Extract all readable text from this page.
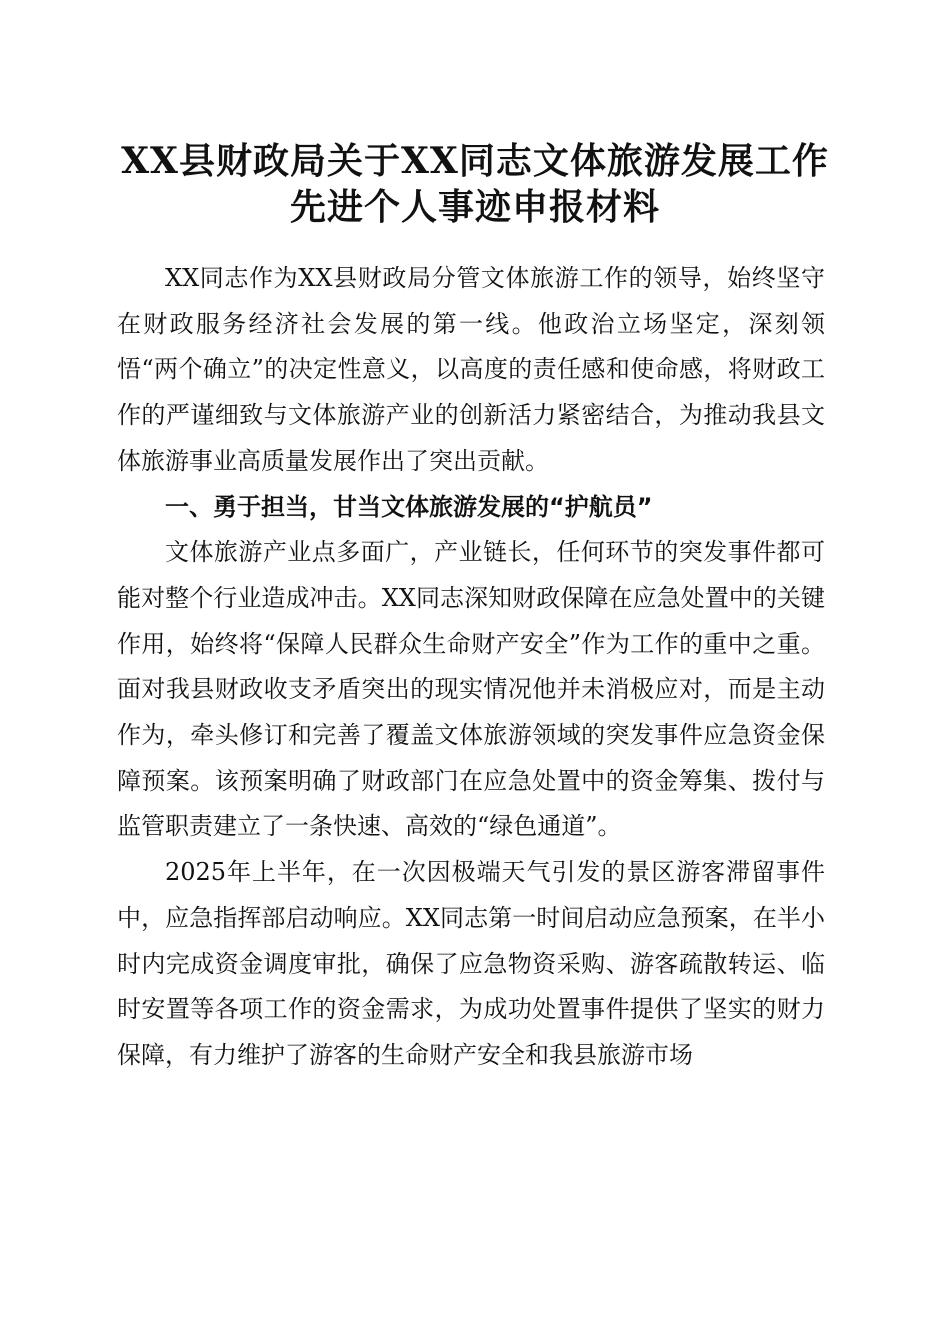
XX县财政局关于XX同志文体旅游发展工作
先进个人事迹申报材料

XX同志作为XX县财政局分管文体旅游工作的领导，始终坚守在财政服务经济社会发展的第一线。他政治立场坚定，深刻领悟“两个确立”的决定性意义，以高度的责任感和使命感，将财政工作的严谨细致与文体旅游产业的创新活力紧密结合，为推动我县文体旅游事业高质量发展作出了突出贡献。

一、勇于担当，甘当文体旅游发展的“护航员”

文体旅游产业点多面广，产业链长，任何环节的突发事件都可能对整个行业造成冲击。XX同志深知财政保障在应急处置中的关键作用，始终将“保障人民群众生命财产安全”作为工作的重中之重。面对我县财政收支矛盾突出的现实情况他并未消极应对，而是主动作为，牵头修订和完善了覆盖文体旅游领域的突发事件应急资金保障预案。该预案明确了财政部门在应急处置中的资金筹集、拨付与监管职责建立了一条快速、高效的“绿色通道”。

2025年上半年，在一次因极端天气引发的景区游客滞留事件中，应急指挥部启动响应。XX同志第一时间启动应急预案，在半小时内完成资金调度审批，确保了应急物资采购、游客疏散转运、临时安置等各项工作的资金需求，为成功处置事件提供了坚实的财力保障，有力维护了游客的生命财产安全和我县旅游市场
